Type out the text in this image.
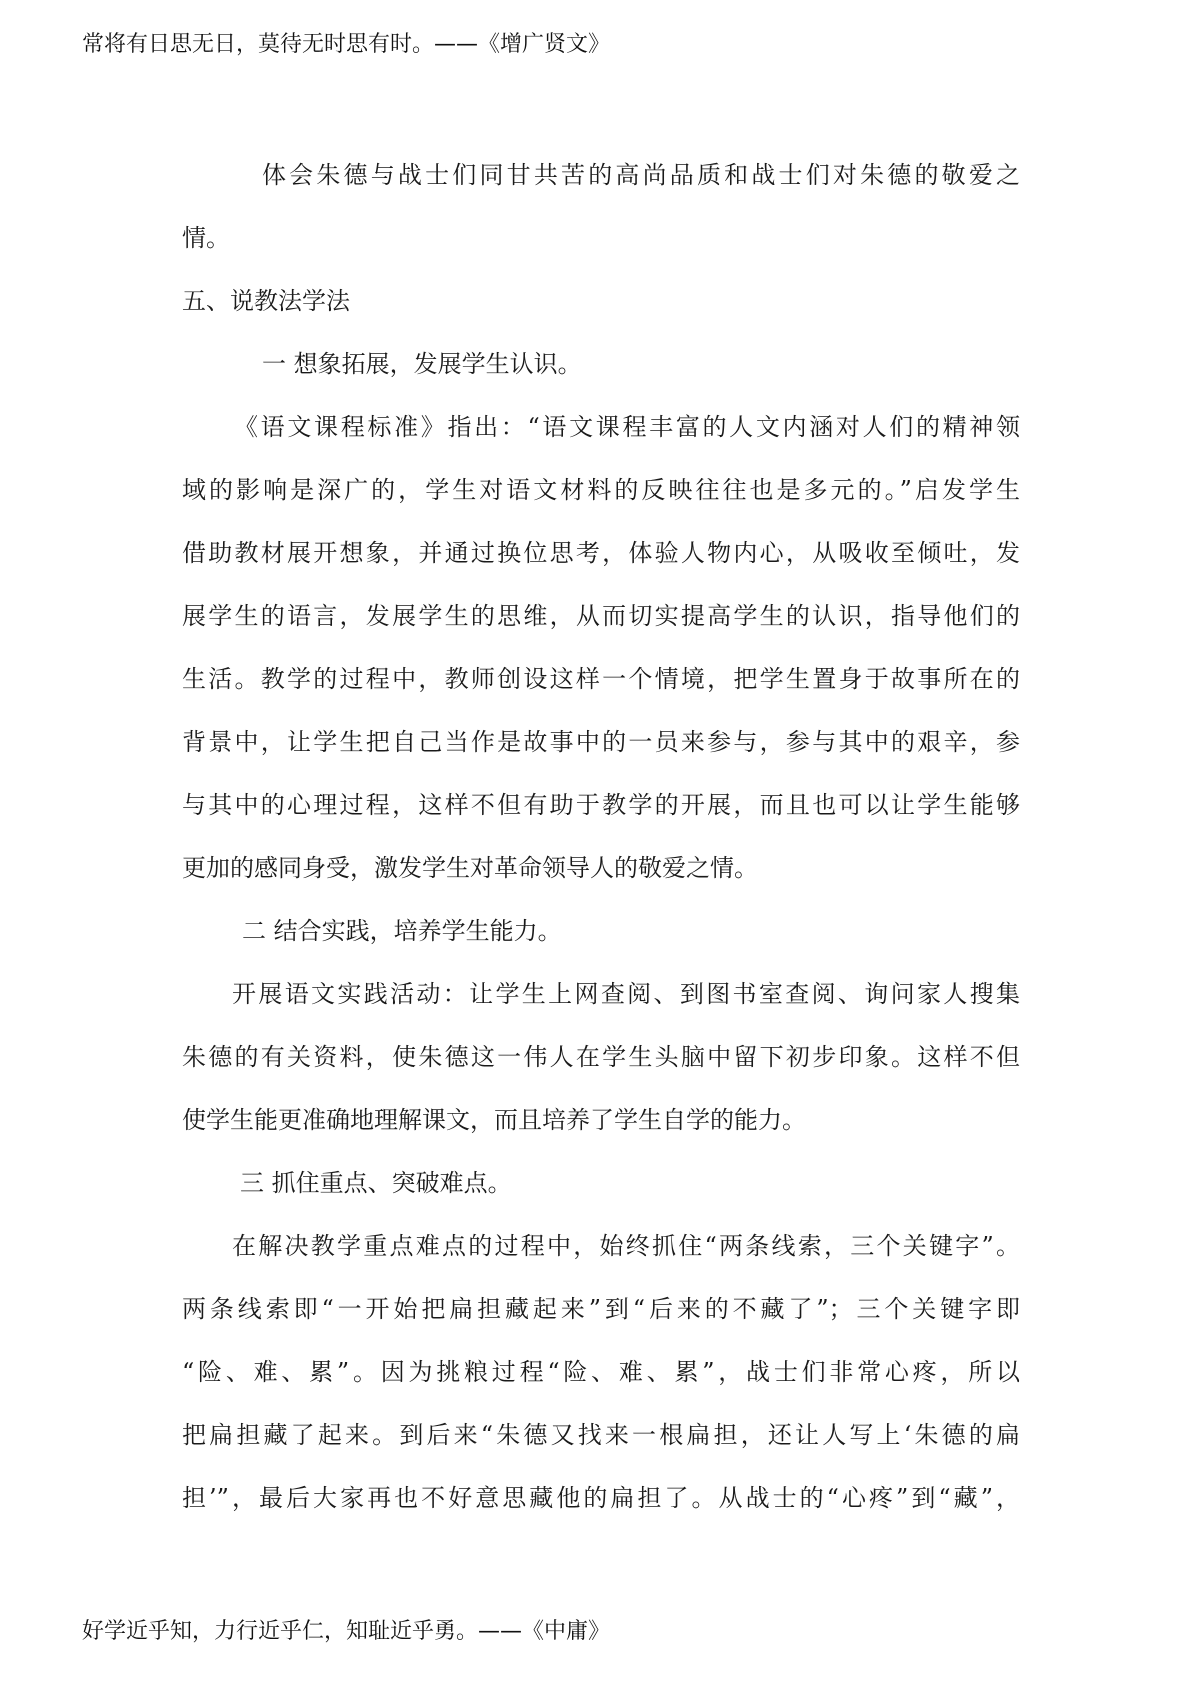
常将有日思无日，莫待无时思有时。——《增广贤文》
体会朱德与战士们同甘共苦的高尚品质和战士们对朱德的敬爱之
情。
五、说教法学法
一 想象拓展，发展学生认识。
《语文课程标准》指出：“语文课程丰富的人文内涵对人们的精神领
域的影响是深广的，学生对语文材料的反映往往也是多元的。”启发学生
借助教材展开想象，并通过换位思考，体验人物内心，从吸收至倾吐，发
展学生的语言，发展学生的思维，从而切实提高学生的认识，指导他们的
生活。教学的过程中，教师创设这样一个情境，把学生置身于故事所在的
背景中，让学生把自己当作是故事中的一员来参与，参与其中的艰辛，参
与其中的心理过程，这样不但有助于教学的开展，而且也可以让学生能够
更加的感同身受，激发学生对革命领导人的敬爱之情。
二 结合实践，培养学生能力。
开展语文实践活动：让学生上网查阅、到图书室查阅、询问家人搜集
朱德的有关资料，使朱德这一伟人在学生头脑中留下初步印象。这样不但
使学生能更准确地理解课文，而且培养了学生自学的能力。
三 抓住重点、突破难点。
在解决教学重点难点的过程中，始终抓住“两条线索，三个关键字”。
两条线索即“一开始把扁担藏起来”到“后来的不藏了”；三个关键字即
“险、难、累”。因为挑粮过程“险、难、累”，战士们非常心疼，所以
把扁担藏了起来。到后来“朱德又找来一根扁担，还让人写上‘朱德的扁
担’”，最后大家再也不好意思藏他的扁担了。从战士的“心疼”到“藏”，
好学近乎知，力行近乎仁，知耻近乎勇。——《中庸》
